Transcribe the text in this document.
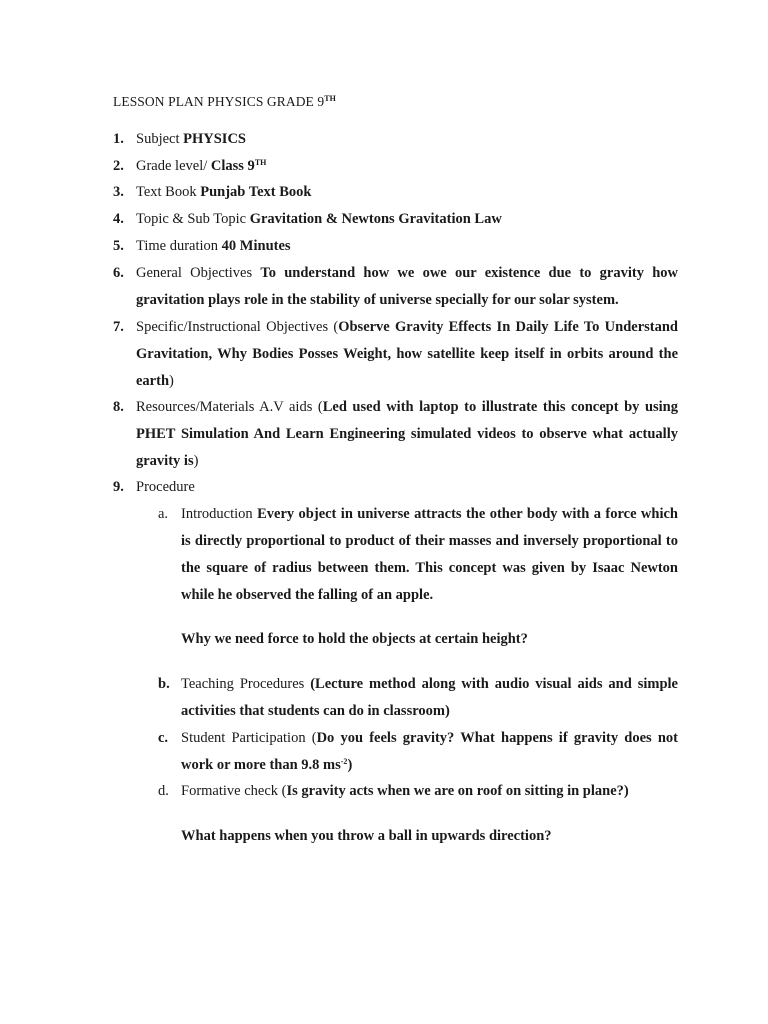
LESSON PLAN PHYSICS GRADE 9TH
1. Subject PHYSICS
2. Grade level/ Class 9TH
3. Text Book Punjab Text Book
4. Topic & Sub Topic Gravitation & Newtons Gravitation Law
5. Time duration 40 Minutes
6. General Objectives To understand how we owe our existence due to gravity how gravitation plays role in the stability of universe specially for our solar system.
7. Specific/Instructional Objectives (Observe Gravity Effects In Daily Life To Understand Gravitation, Why Bodies Posses Weight, how satellite keep itself in orbits around the earth)
8. Resources/Materials A.V aids (Led used with laptop to illustrate this concept by using PHET Simulation And Learn Engineering simulated videos to observe what actually gravity is)
9. Procedure
a. Introduction Every object in universe attracts the other body with a force which is directly proportional to product of their masses and inversely proportional to the square of radius between them. This concept was given by Isaac Newton while he observed the falling of an apple.
Why we need force to hold the objects at certain height?
b. Teaching Procedures (Lecture method along with audio visual aids and simple activities that students can do in classroom)
c. Student Participation (Do you feels gravity? What happens if gravity does not work or more than 9.8 $ms^{-2}$)
d. Formative check (Is gravity acts when we are on roof on sitting in plane?)
What happens when you throw a ball in upwards direction?
